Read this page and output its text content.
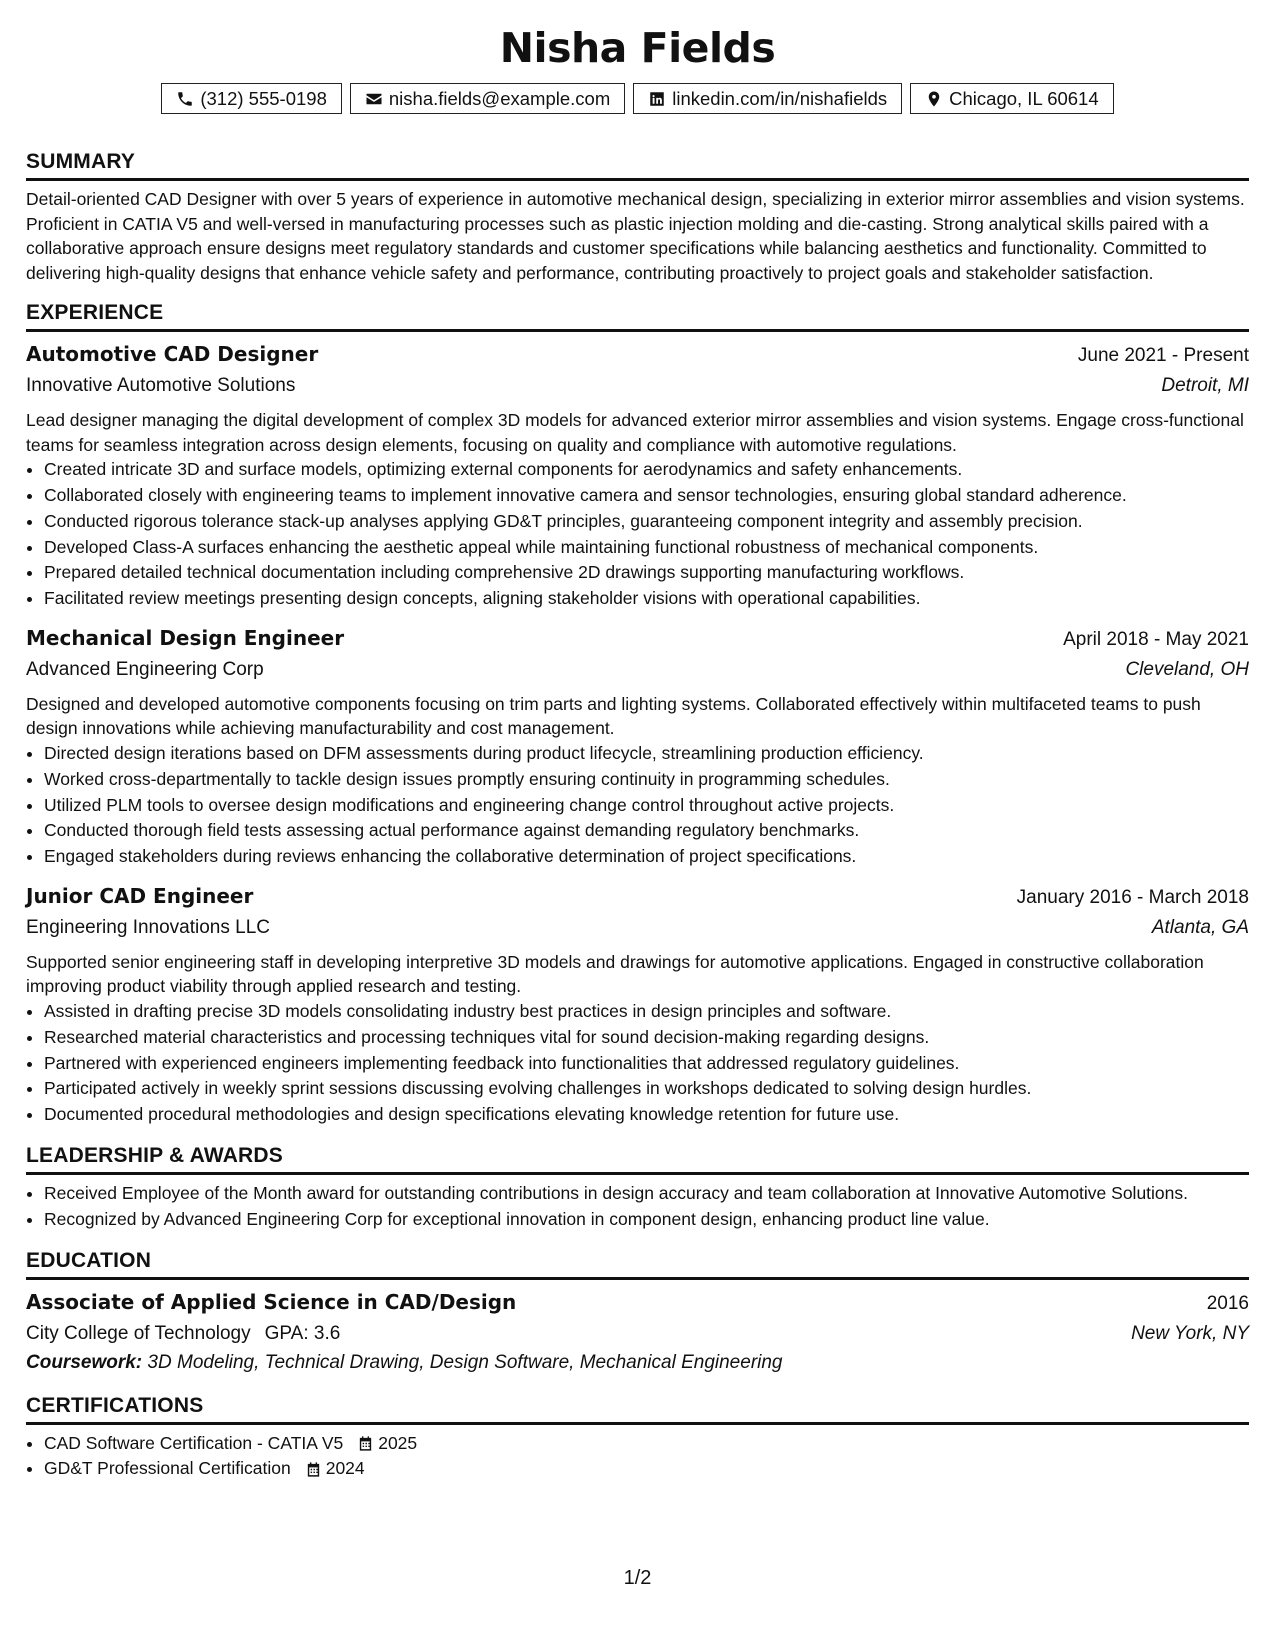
Nisha Fields
(312) 555-0198	nisha.fields@example.com	linkedin.com/in/nishafields	Chicago, IL 60614
SUMMARY

Detail-oriented CAD Designer with over 5 years of experience in automotive mechanical design, specializing in exterior mirror assemblies and vision systems. Proficient in CATIA V5 and well-versed in manufacturing processes such as plastic injection molding and die-casting. Strong analytical skills paired with a collaborative approach ensure designs meet regulatory standards and customer specifications while balancing aesthetics and functionality. Committed to delivering high-quality designs that enhance vehicle safety and performance, contributing proactively to project goals and stakeholder satisfaction.

EXPERIENCE
Automotive CAD Designer	June 2021 - Present
Innovative Automotive Solutions	Detroit, MI

Lead designer managing the digital development of complex 3D models for advanced exterior mirror assemblies and vision systems. Engage cross-functional teams for seamless integration across design elements, focusing on quality and compliance with automotive regulations.

• Created intricate 3D and surface models, optimizing external components for aerodynamics and safety enhancements.
• Collaborated closely with engineering teams to implement innovative camera and sensor technologies, ensuring global standard adherence.
• Conducted rigorous tolerance stack-up analyses applying GD&T principles, guaranteeing component integrity and assembly precision.
• Developed Class-A surfaces enhancing the aesthetic appeal while maintaining functional robustness of mechanical components.
• Prepared detailed technical documentation including comprehensive 2D drawings supporting manufacturing workflows.
• Facilitated review meetings presenting design concepts, aligning stakeholder visions with operational capabilities.
Mechanical Design Engineer	April 2018 - May 2021
Advanced Engineering Corp	Cleveland, OH

Designed and developed automotive components focusing on trim parts and lighting systems. Collaborated effectively within multifaceted teams to push design innovations while achieving manufacturability and cost management.

• Directed design iterations based on DFM assessments during product lifecycle, streamlining production efficiency.
• Worked cross-departmentally to tackle design issues promptly ensuring continuity in programming schedules.
• Utilized PLM tools to oversee design modifications and engineering change control throughout active projects.
• Conducted thorough field tests assessing actual performance against demanding regulatory benchmarks.
• Engaged stakeholders during reviews enhancing the collaborative determination of project specifications.
Junior CAD Engineer	January 2016 - March 2018
Engineering Innovations LLC	Atlanta, GA

Supported senior engineering staff in developing interpretive 3D models and drawings for automotive applications. Engaged in constructive collaboration improving product viability through applied research and testing.

• Assisted in drafting precise 3D models consolidating industry best practices in design principles and software.
• Researched material characteristics and processing techniques vital for sound decision-making regarding designs.
• Partnered with experienced engineers implementing feedback into functionalities that addressed regulatory guidelines.
• Participated actively in weekly sprint sessions discussing evolving challenges in workshops dedicated to solving design hurdles.
• Documented procedural methodologies and design specifications elevating knowledge retention for future use.
LEADERSHIP & AWARDS
• Received Employee of the Month award for outstanding contributions in design accuracy and team collaboration at Innovative Automotive Solutions.
• Recognized by Advanced Engineering Corp for exceptional innovation in component design, enhancing product line value.
EDUCATION
Associate of Applied Science in CAD/Design	2016
City College of Technology GPA: 3.6	New York, NY
Coursework: 3D Modeling, Technical Drawing, Design Software, Mechanical Engineering
CERTIFICATIONS
• CAD Software Certification - CATIA V5 2025
• GD&T Professional Certification 2024
1/2
